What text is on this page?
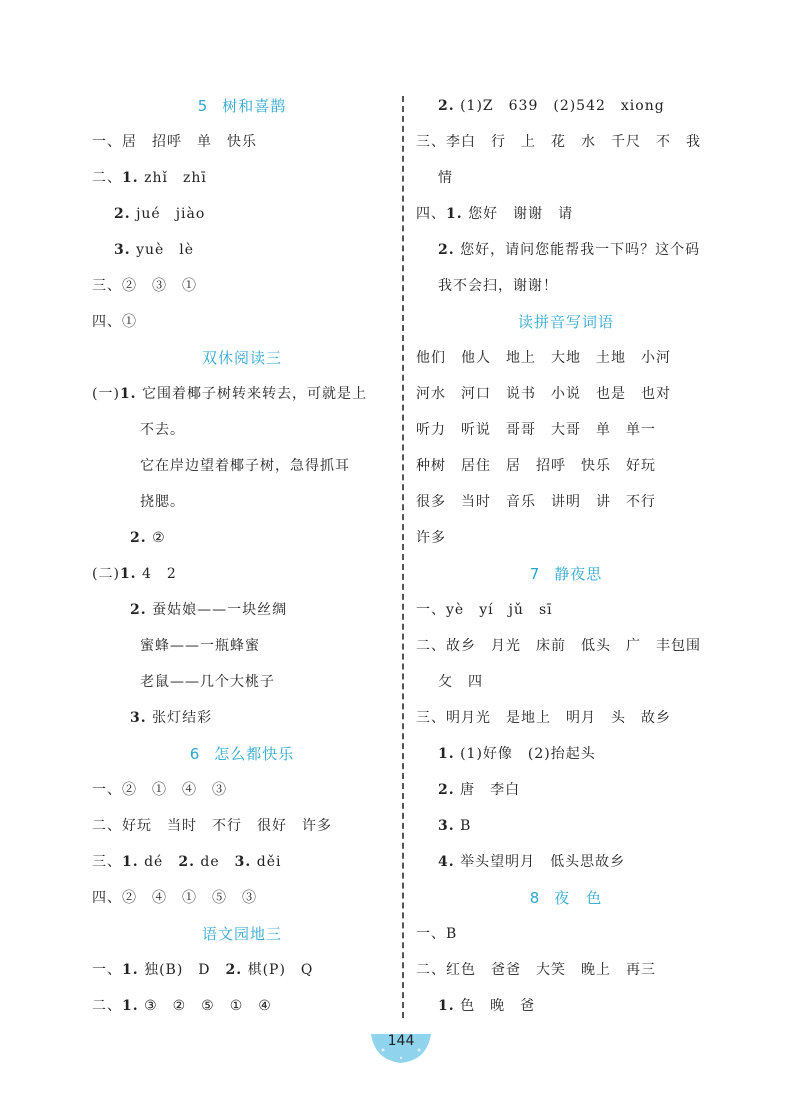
5 树和喜鹊
一、居　招呼　单　快乐
二、1. zhǐ　zhī
2. jué　jiào
3. yuè　lè
三、②　③　①
四、①
双休阅读三
(一)1. 它围着椰子树转来转去，可就是上
不去。
它在岸边望着椰子树，急得抓耳
挠腮。
2. ②
(二)1. 4　2
2. 蚕姑娘——一块丝绸
蜜蜂——一瓶蜂蜜
老鼠——几个大桃子
3. 张灯结彩
6 怎么都快乐
一、②　①　④　③
二、好玩　当时　不行　很好　许多
三、1. dé　2. de　3. děi
四、②　④　①　⑤　③
语文园地三
一、1. 独(B)　D　2. 棋(P)　Q
二、1. ③　②　⑤　①　④
2. (1)Z　639　(2)542　xiong
三、李白　行　上　花　水　千尺　不　我
情
四、1. 您好　谢谢　请
2. 您好，请问您能帮我一下吗？这个码
我不会扫，谢谢！
读拼音写词语
他们　他人　地上　大地　土地　小河
河水　河口　说书　小说　也是　也对
听力　听说　哥哥　大哥　单　单一
种树　居住　居　招呼　快乐　好玩
很多　当时　音乐　讲明　讲　不行
许多
7 静夜思
一、yè　yí　jǔ　sī
二、故乡　月光　床前　低头　广　丰包围
攵　四
三、明月光　是地上　明月　头　故乡
1. (1)好像　(2)抬起头
2. 唐　李白
3. B
4. 举头望明月　低头思故乡
8 夜　色
一、B
二、红色　爸爸　大笑　晚上　再三
1. 色　晚　爸
144
